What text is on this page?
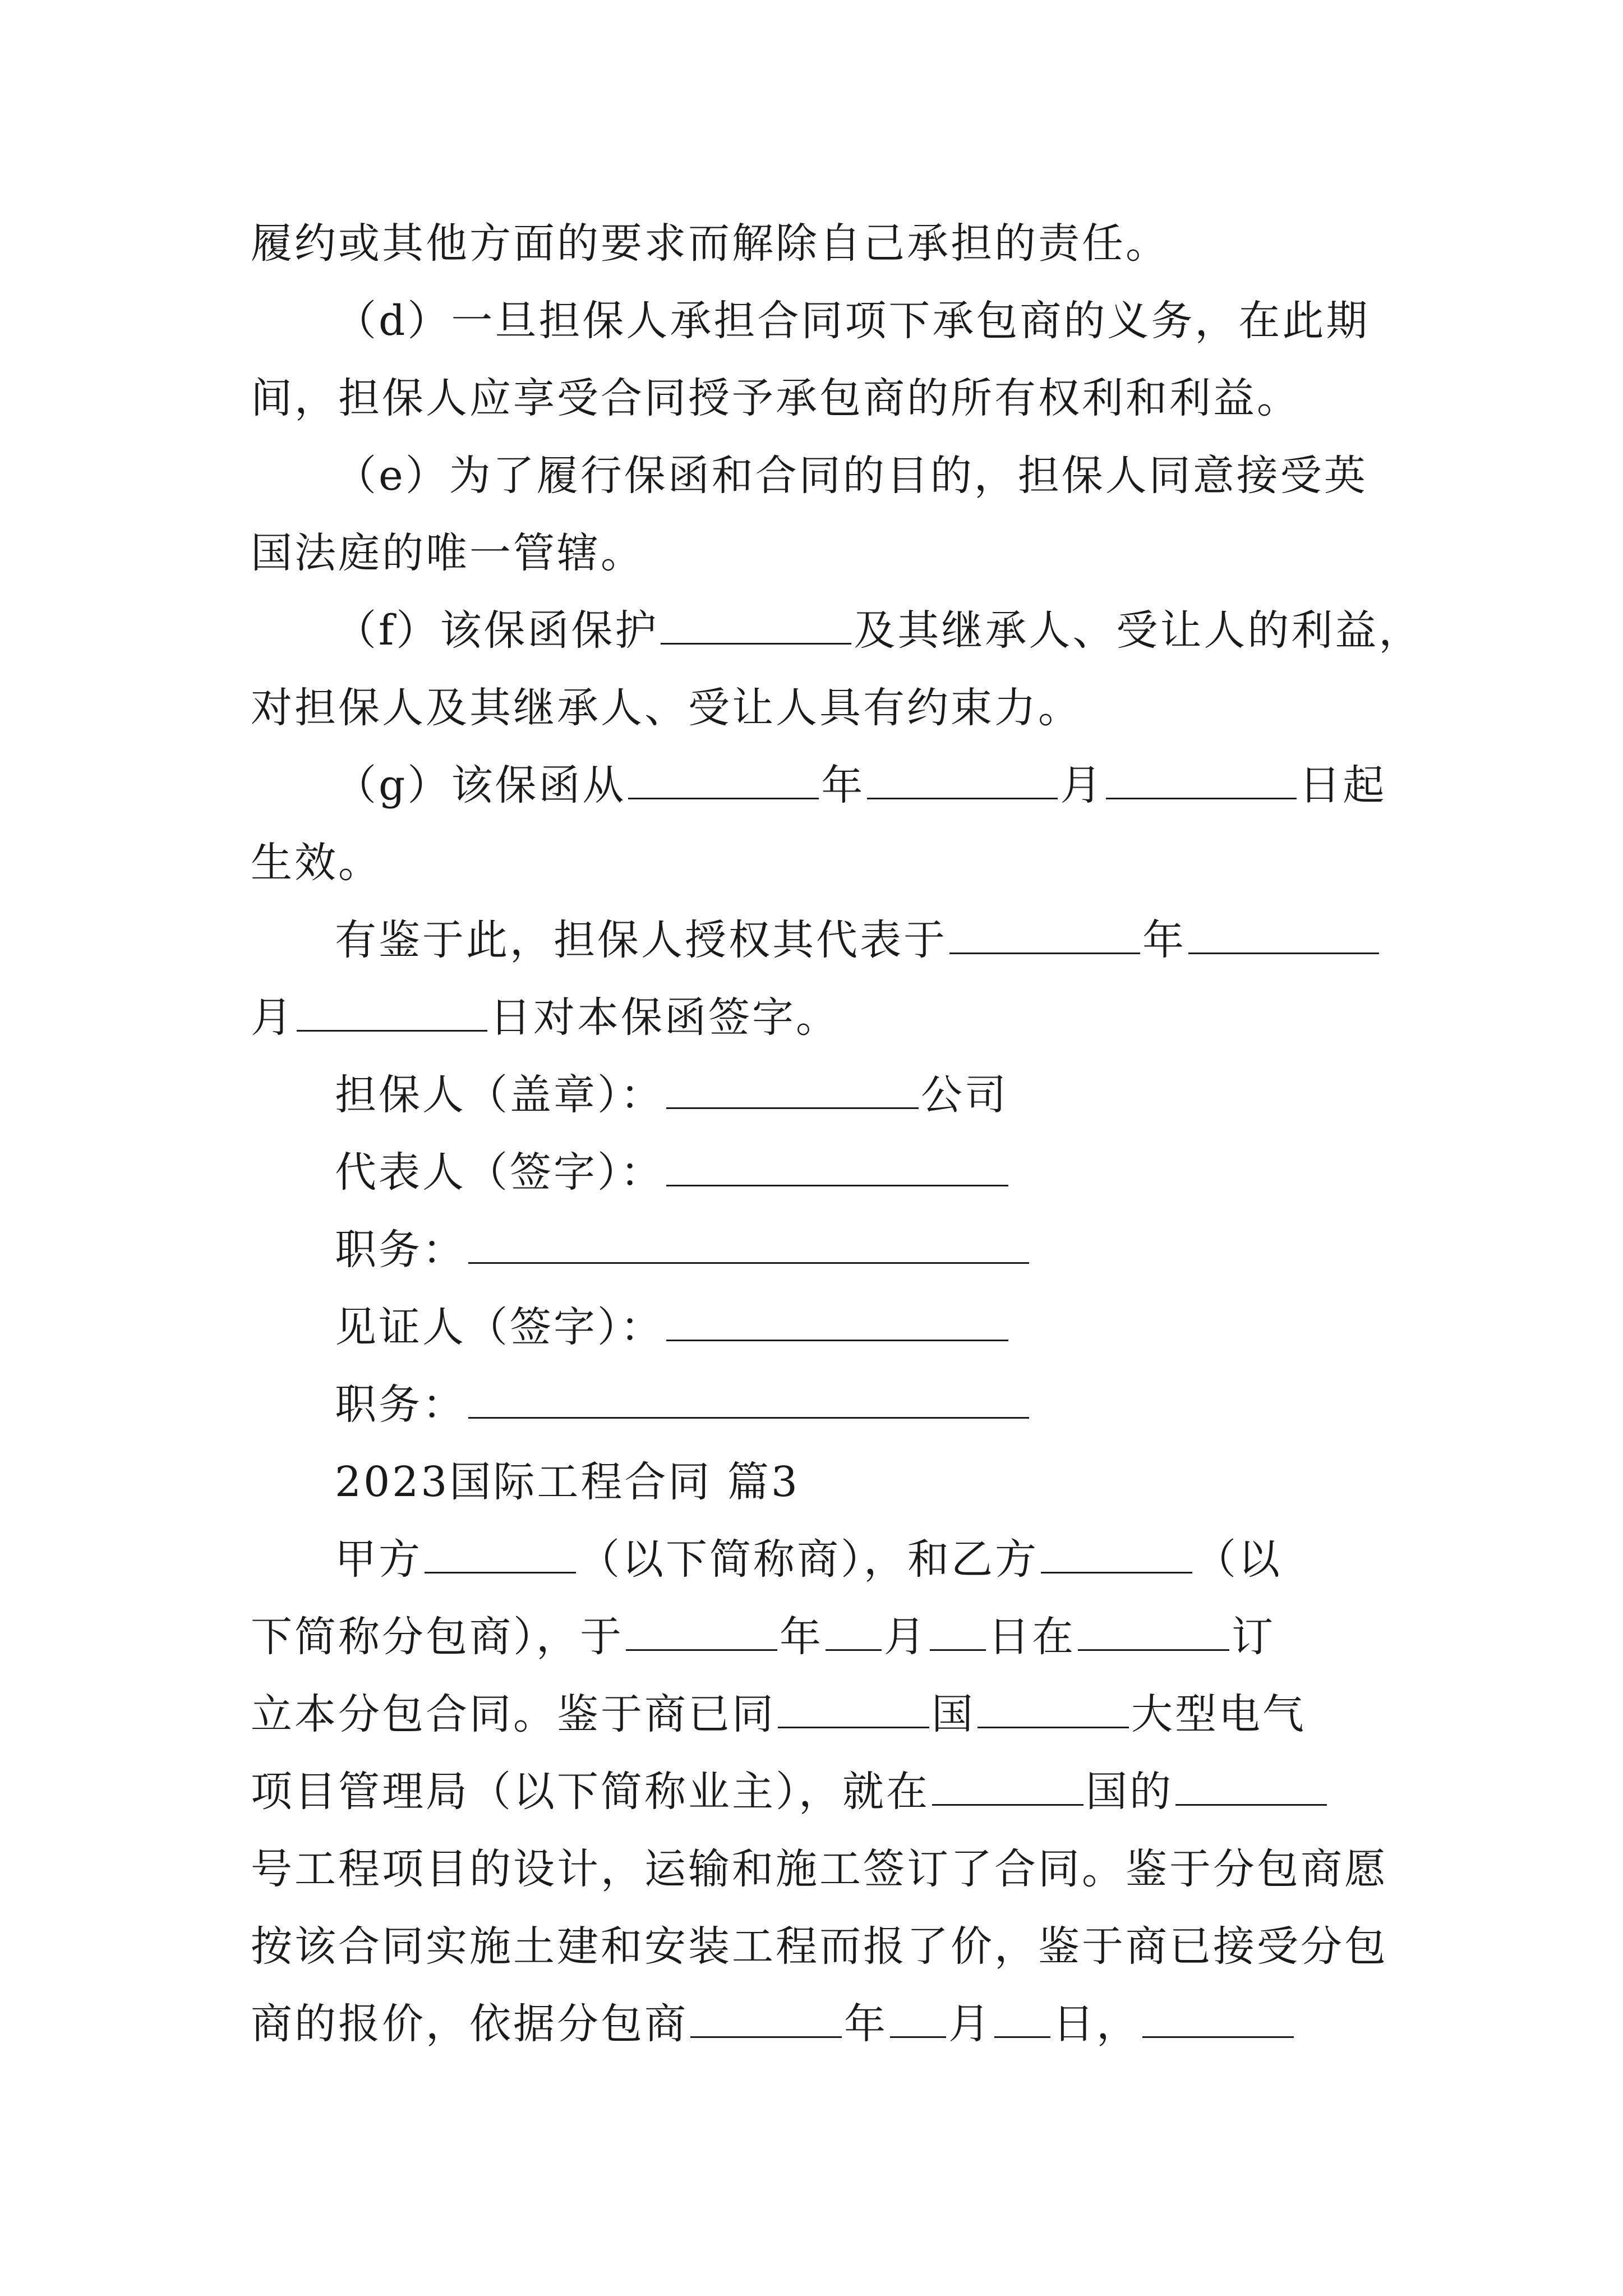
履约或其他方面的要求而解除自己承担的责任。
（d）一旦担保人承担合同项下承包商的义务，在此期
间，担保人应享受合同授予承包商的所有权利和利益。
（e）为了履行保函和合同的目的，担保人同意接受英
国法庭的唯一管辖。
（f）该保函保护	及其继承人、受让人的利益，
对担保人及其继承人、受让人具有约束力。
（g）该保函从	年	月	日起
生效。
有鉴于此，担保人授权其代表于	年
月	日对本保函签字。
担保人（盖章）：	公司
代表人（签字）：
职务：
见证人（签字）：
职务：
2023国际工程合同 篇3
甲方	（以下简称商），和乙方	（以
下简称分包商），于	年 月 日在	订
立本分包合同。鉴于商已同	国	大型电气
项目管理局（以下简称业主），就在	国的
号工程项目的设计，运输和施工签订了合同。鉴于分包商愿
按该合同实施土建和安装工程而报了价，鉴于商已接受分包
商的报价，依据分包商	年 月 日，
